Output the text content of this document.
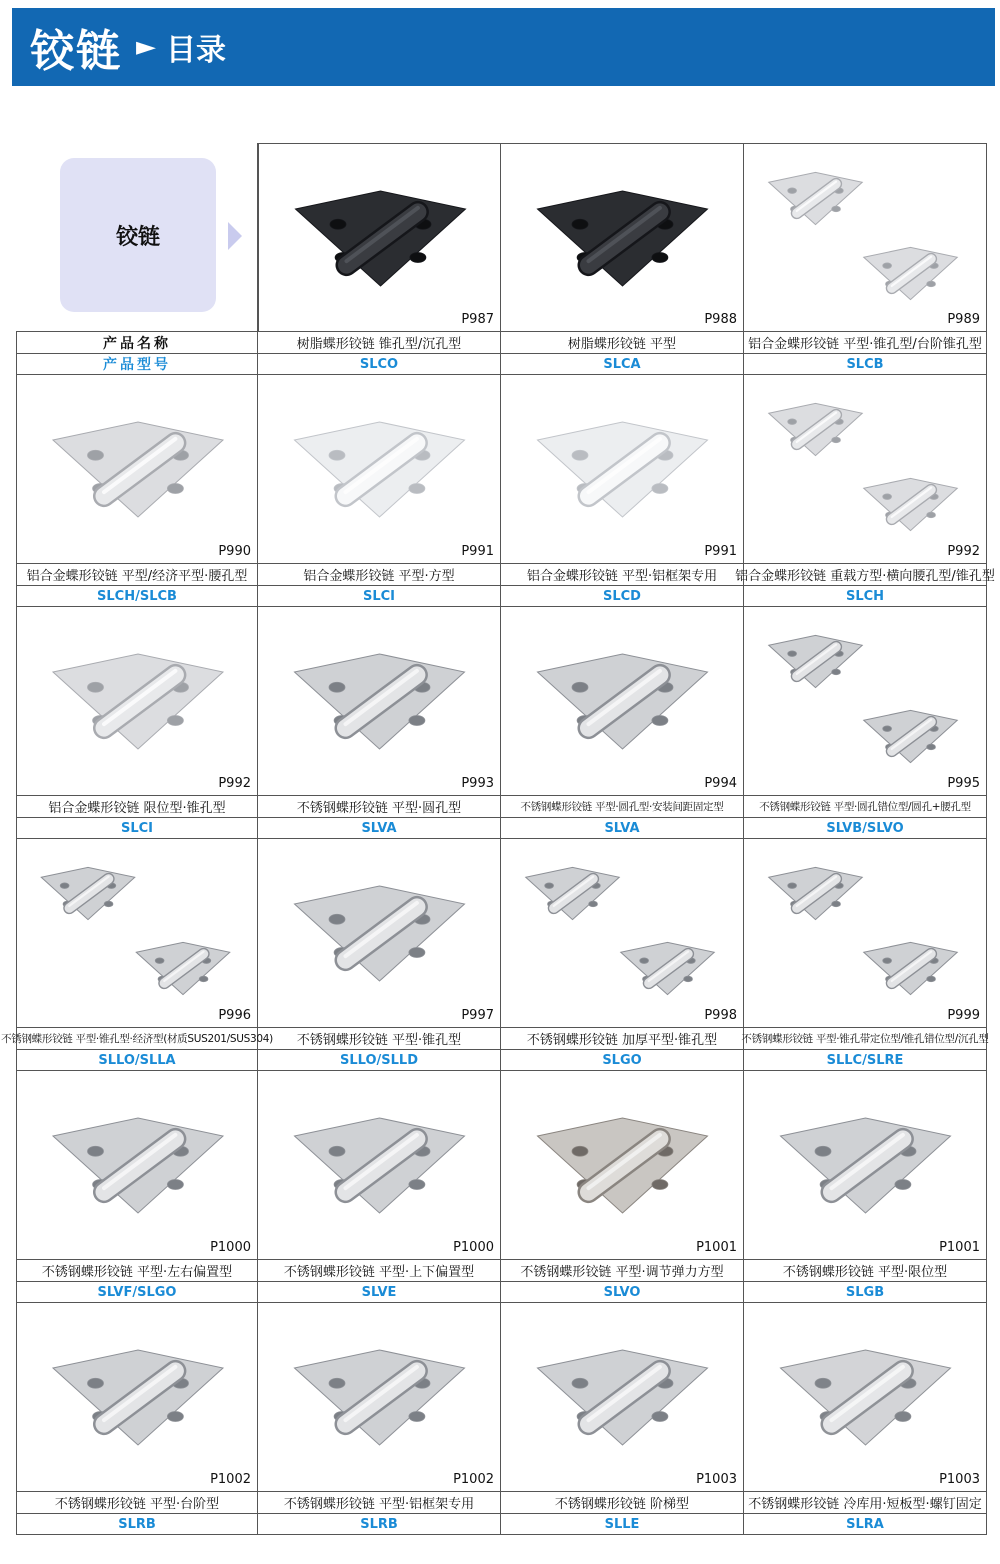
铰链 ► 目录
P987	P988	P989
产品名称	树脂蝶形铰链 锥孔型/沉孔型	树脂蝶形铰链 平型	铝合金蝶形铰链 平型·锥孔型/台阶锥孔型
产品型号	SLCO	SLCA	SLCB
P990	P991	P991	P992
铝合金蝶形铰链 平型/经济平型·腰孔型	铝合金蝶形铰链 平型·方型	铝合金蝶形铰链 平型·铝框架专用	铝合金蝶形铰链 重载方型·横向腰孔型/锥孔型
SLCH/SLCB	SLCI	SLCD	SLCH
P992	P993	P994	P995
铝合金蝶形铰链 限位型·锥孔型	不锈钢蝶形铰链 平型·圆孔型	不锈钢蝶形铰链 平型·圆孔型·安装间距固定型	不锈钢蝶形铰链 平型·圆孔错位型/圆孔+腰孔型
SLCI	SLVA	SLVA	SLVB/SLVO
P996	P997	P998	P999
不锈钢蝶形铰链 平型·锥孔型·经济型(材质SUS201/SUS304)	不锈钢蝶形铰链 平型·锥孔型	不锈钢蝶形铰链 加厚平型·锥孔型	不锈钢蝶形铰链 平型·锥孔带定位型/锥孔错位型/沉孔型
SLLO/SLLA	SLLO/SLLD	SLGO	SLLC/SLRE
P1000	P1000	P1001	P1001
不锈钢蝶形铰链 平型·左右偏置型	不锈钢蝶形铰链 平型·上下偏置型	不锈钢蝶形铰链 平型·调节弹力方型	不锈钢蝶形铰链 平型·限位型
SLVF/SLGO	SLVE	SLVO	SLGB
P1002	P1002	P1003	P1003
不锈钢蝶形铰链 平型·台阶型	不锈钢蝶形铰链 平型·铝框架专用	不锈钢蝶形铰链 阶梯型	不锈钢蝶形铰链 冷库用·短板型·螺钉固定
SLRB	SLRB	SLLE	SLRA
铰链
